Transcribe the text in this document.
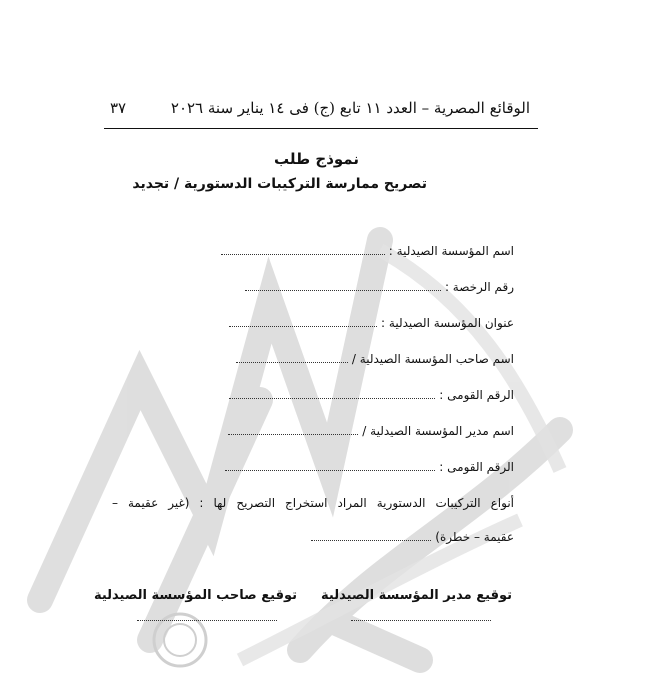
٣٧	الوقائع المصرية – العدد ١١ تابع (ج) فى ١٤ يناير سنة ٢٠٢٦
نموذج طلب
تصريح ممارسة التركيبات الدستورية / تجديد
اسم المؤسسة الصيدلية :
رقم الرخصة :
عنوان المؤسسة الصيدلية :
اسم صاحب المؤسسة الصيدلية /
الرقم القومى :
اسم مدير المؤسسة الصيدلية /
الرقم القومى :
أنواع التركيبات الدستورية المراد استخراج التصريح لها : (غير عقيمة –
عقيمة – خطرة)
توقيع مدير المؤسسة الصيدلية
توقيع صاحب المؤسسة الصيدلية
